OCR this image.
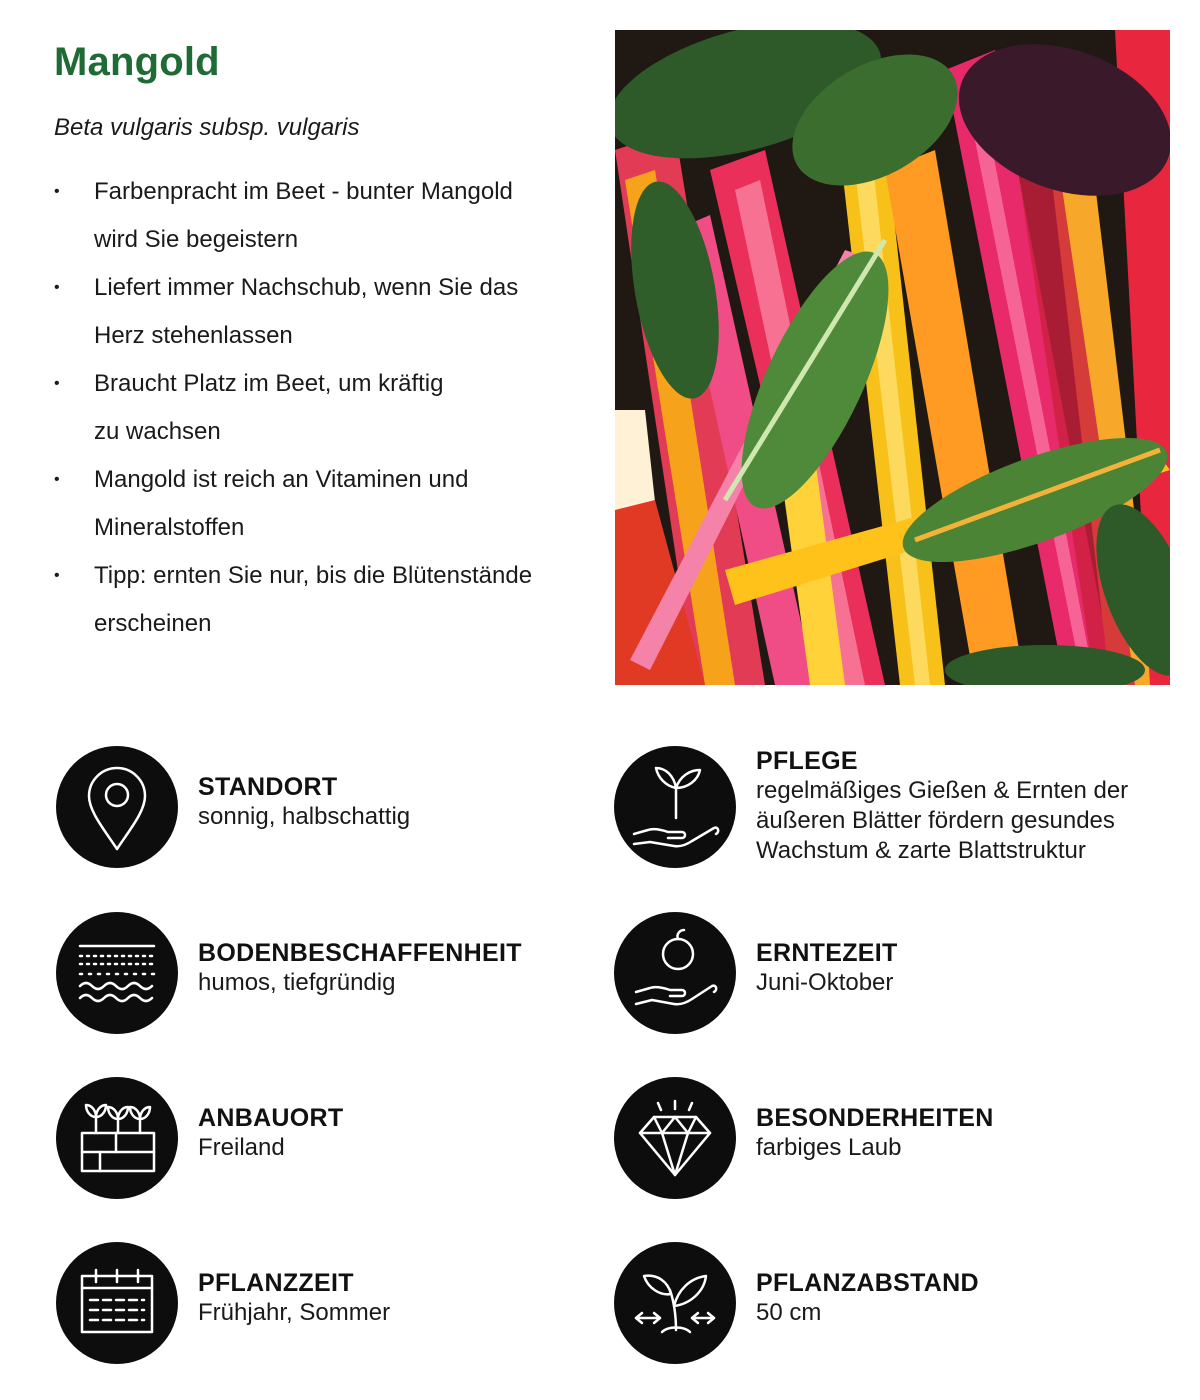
Mangold

Beta vulgaris subsp. vulgaris

• Farbenpracht im Beet - bunter Mangold
wird Sie begeistern
• Liefert immer Nachschub, wenn Sie das
Herz stehenlassen
• Braucht Platz im Beet, um kräftig
zu wachsen
• Mangold ist reich an Vitaminen und
Mineralstoffen
• Tipp: ernten Sie nur, bis die Blütenstände
erscheinen
STANDORT
sonnig, halbschattig
PFLEGE
regelmäßiges Gießen & Ernten der
äußeren Blätter fördern gesundes
Wachstum & zarte Blattstruktur
BODENBESCHAFFENHEIT
humos, tiefgründig
ERNTEZEIT
Juni-Oktober
ANBAUORT
Freiland
BESONDERHEITEN
farbiges Laub
PFLANZZEIT
Frühjahr, Sommer
PFLANZABSTAND
50 cm
